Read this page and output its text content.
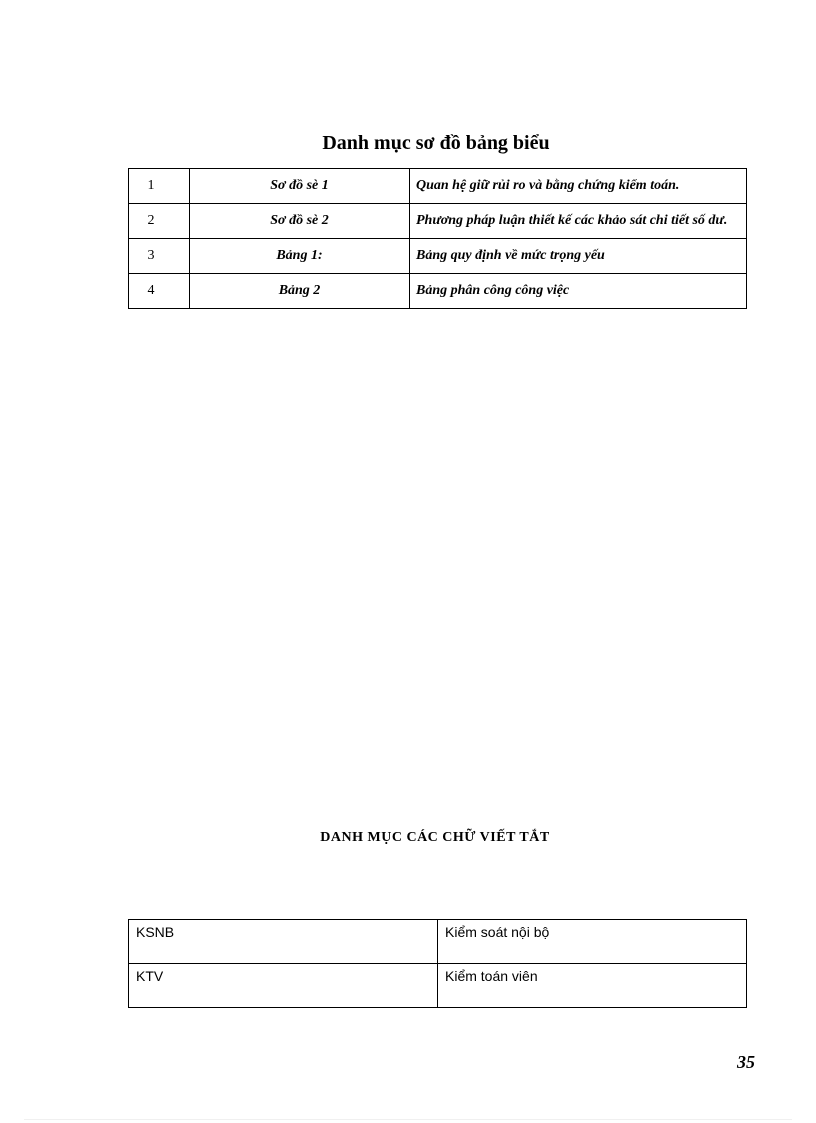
Danh mục sơ đồ bảng biểu
1	Sơ đồ sè 1	Quan hệ giữ rủi ro và bằng chứng kiểm toán.
2	Sơ đồ sè 2	Phương pháp luận thiết kế các khảo sát chi tiết số dư.
3	Bảng 1:	Bảng quy định về mức trọng yếu
4	Bảng 2	Bảng phân công công việc
DANH MỤC CÁC CHỮ VIẾT TẮT
KSNB	Kiểm soát nội bộ
KTV	Kiểm toán viên
35
